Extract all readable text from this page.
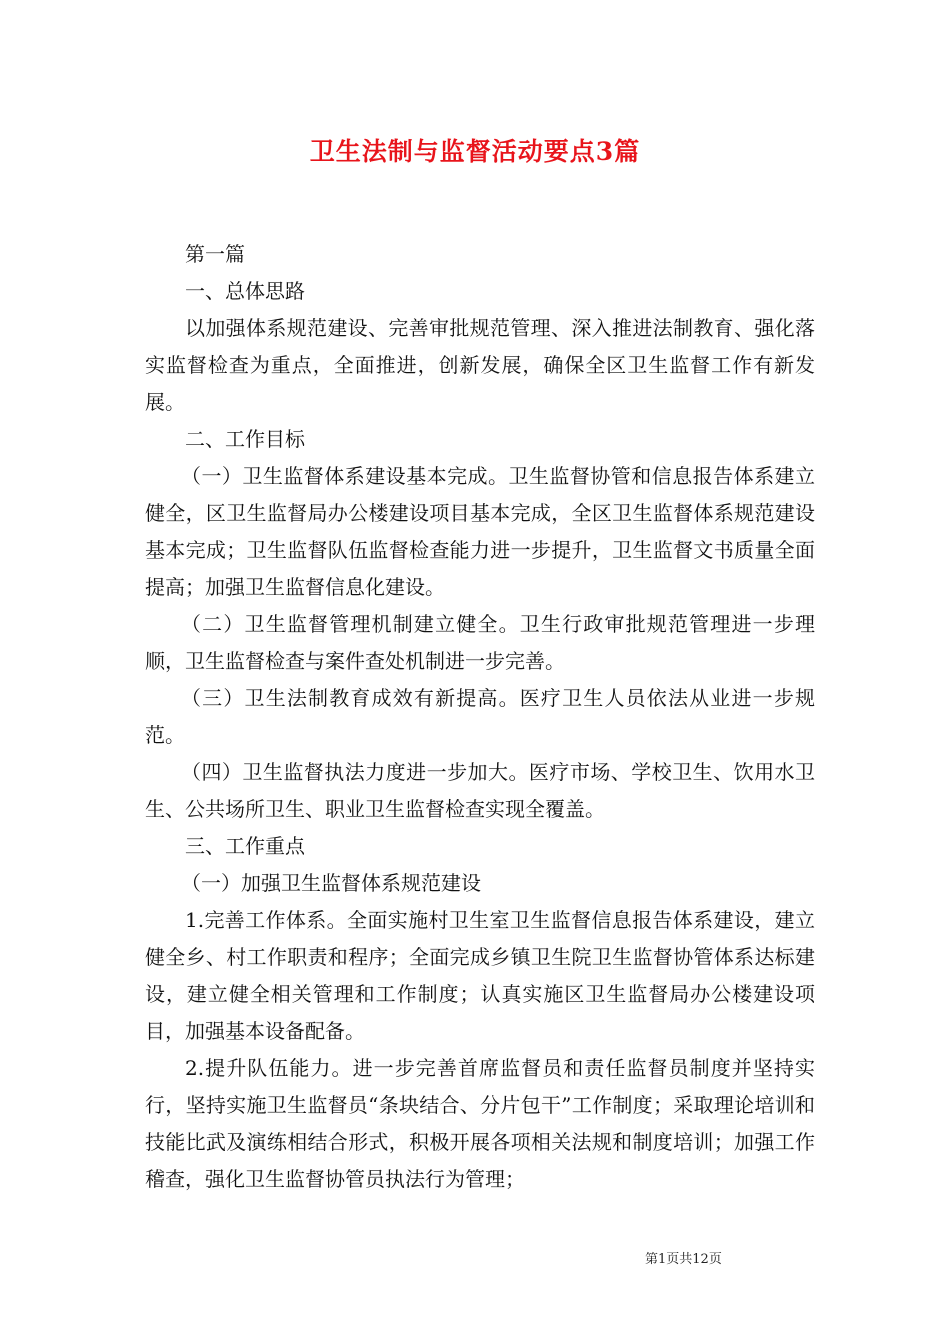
卫生法制与监督活动要点3篇

第一篇

一、总体思路

以加强体系规范建设、完善审批规范管理、深入推进法制教育、强化落实监督检查为重点，全面推进，创新发展，确保全区卫生监督工作有新发展。

二、工作目标

（一）卫生监督体系建设基本完成。卫生监督协管和信息报告体系建立健全，区卫生监督局办公楼建设项目基本完成，全区卫生监督体系规范建设基本完成；卫生监督队伍监督检查能力进一步提升，卫生监督文书质量全面提高；加强卫生监督信息化建设。

（二）卫生监督管理机制建立健全。卫生行政审批规范管理进一步理顺，卫生监督检查与案件查处机制进一步完善。

（三）卫生法制教育成效有新提高。医疗卫生人员依法从业进一步规范。

（四）卫生监督执法力度进一步加大。医疗市场、学校卫生、饮用水卫生、公共场所卫生、职业卫生监督检查实现全覆盖。

三、工作重点

（一）加强卫生监督体系规范建设

1.完善工作体系。全面实施村卫生室卫生监督信息报告体系建设，建立健全乡、村工作职责和程序；全面完成乡镇卫生院卫生监督协管体系达标建设，建立健全相关管理和工作制度；认真实施区卫生监督局办公楼建设项目，加强基本设备配备。

2.提升队伍能力。进一步完善首席监督员和责任监督员制度并坚持实行，坚持实施卫生监督员“条块结合、分片包干”工作制度；采取理论培训和技能比武及演练相结合形式，积极开展各项相关法规和制度培训；加强工作稽查，强化卫生监督协管员执法行为管理；

第1页共12页
